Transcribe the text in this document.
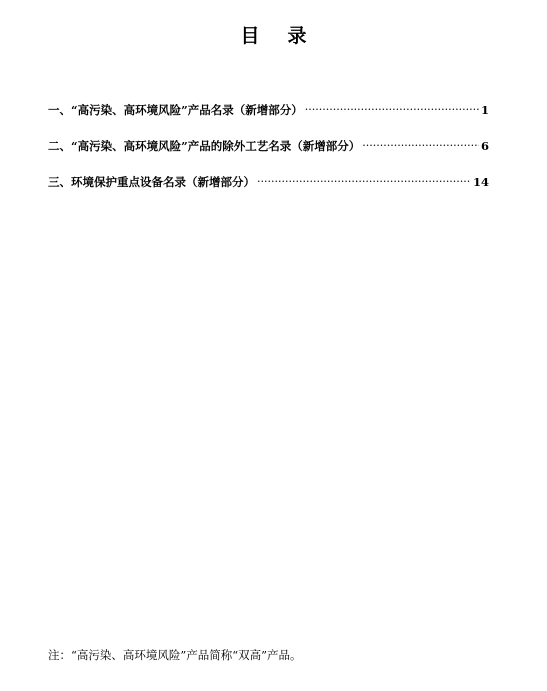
目录
一、“高污染、高环境风险”产品名录（新增部分） .....	1
二、“高污染、高环境风险”产品的除外工艺名录（新增部分） .....	6
三、环境保护重点设备名录（新增部分） .....	14
注：“高污染、高环境风险”产品简称“双高”产品。
